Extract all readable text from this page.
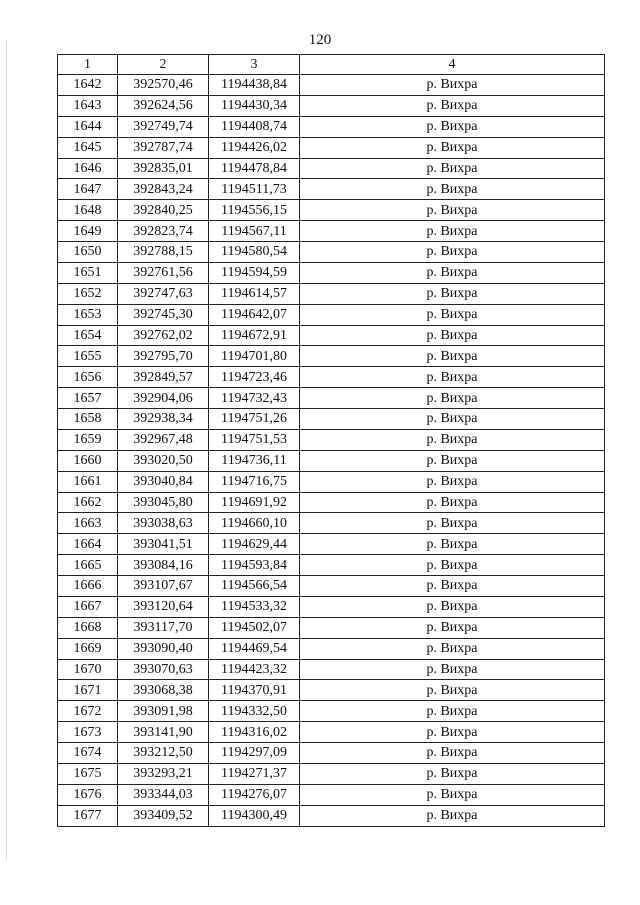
120
1	2	3	4
1642	392570,46	1194438,84	р. Вихра
1643	392624,56	1194430,34	р. Вихра
1644	392749,74	1194408,74	р. Вихра
1645	392787,74	1194426,02	р. Вихра
1646	392835,01	1194478,84	р. Вихра
1647	392843,24	1194511,73	р. Вихра
1648	392840,25	1194556,15	р. Вихра
1649	392823,74	1194567,11	р. Вихра
1650	392788,15	1194580,54	р. Вихра
1651	392761,56	1194594,59	р. Вихра
1652	392747,63	1194614,57	р. Вихра
1653	392745,30	1194642,07	р. Вихра
1654	392762,02	1194672,91	р. Вихра
1655	392795,70	1194701,80	р. Вихра
1656	392849,57	1194723,46	р. Вихра
1657	392904,06	1194732,43	р. Вихра
1658	392938,34	1194751,26	р. Вихра
1659	392967,48	1194751,53	р. Вихра
1660	393020,50	1194736,11	р. Вихра
1661	393040,84	1194716,75	р. Вихра
1662	393045,80	1194691,92	р. Вихра
1663	393038,63	1194660,10	р. Вихра
1664	393041,51	1194629,44	р. Вихра
1665	393084,16	1194593,84	р. Вихра
1666	393107,67	1194566,54	р. Вихра
1667	393120,64	1194533,32	р. Вихра
1668	393117,70	1194502,07	р. Вихра
1669	393090,40	1194469,54	р. Вихра
1670	393070,63	1194423,32	р. Вихра
1671	393068,38	1194370,91	р. Вихра
1672	393091,98	1194332,50	р. Вихра
1673	393141,90	1194316,02	р. Вихра
1674	393212,50	1194297,09	р. Вихра
1675	393293,21	1194271,37	р. Вихра
1676	393344,03	1194276,07	р. Вихра
1677	393409,52	1194300,49	р. Вихра
